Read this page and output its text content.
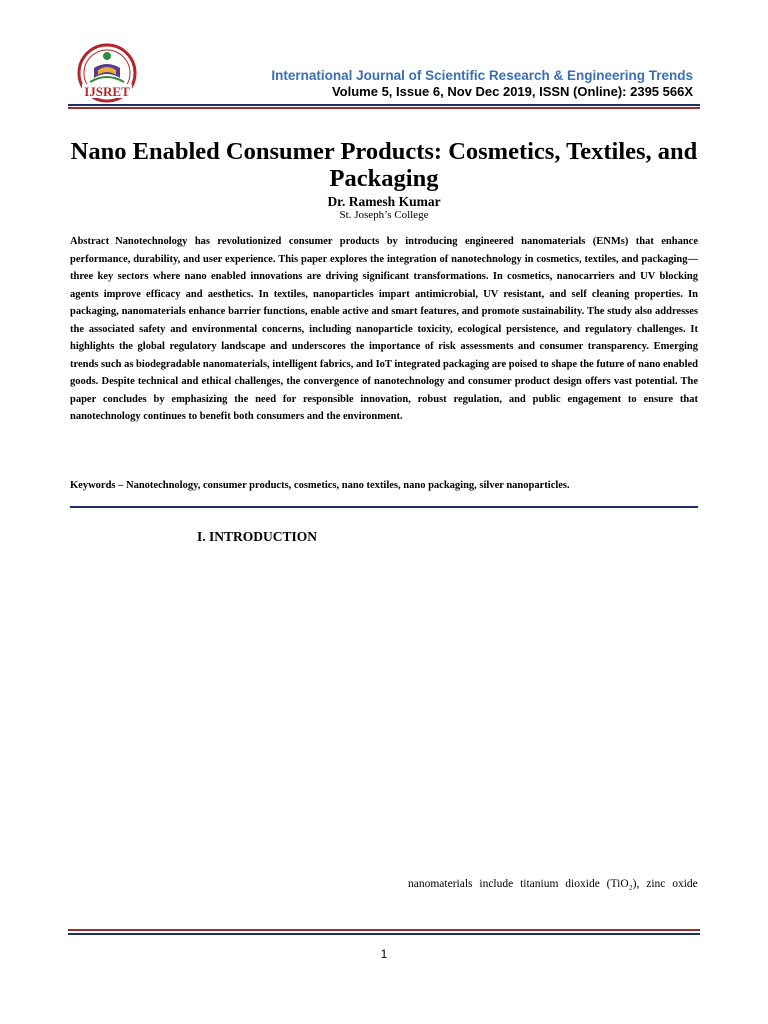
IJSRET
International Journal of Scientific Research & Engineering Trends
Volume 5, Issue 6, Nov Dec 2019, ISSN (Online): 2395 566X
Nano Enabled Consumer Products: Cosmetics, Textiles, and Packaging
Dr. Ramesh Kumar
St. Joseph’s College
Abstract Nanotechnology has revolutionized consumer products by introducing engineered nanomaterials (ENMs) that enhance performance, durability, and user experience. This paper explores the integration of nanotechnology in cosmetics, textiles, and packaging—three key sectors where nano enabled innovations are driving significant transformations. In cosmetics, nanocarriers and UV blocking agents improve efficacy and aesthetics. In textiles, nanoparticles impart antimicrobial, UV resistant, and self cleaning properties. In packaging, nanomaterials enhance barrier functions, enable active and smart features, and promote sustainability. The study also addresses the associated safety and environmental concerns, including nanoparticle toxicity, ecological persistence, and regulatory challenges. It highlights the global regulatory landscape and underscores the importance of risk assessments and consumer transparency. Emerging trends such as biodegradable nanomaterials, intelligent fabrics, and IoT integrated packaging are poised to shape the future of nano enabled goods. Despite technical and ethical challenges, the convergence of nanotechnology and consumer product design offers vast potential. The paper concludes by emphasizing the need for responsible innovation, robust regulation, and public engagement to ensure that nanotechnology continues to benefit both consumers and the environment.
Keywords – Nanotechnology, consumer products, cosmetics, nano textiles, nano packaging, silver nanoparticles.
I. INTRODUCTION
nanomaterials include titanium dioxide (TiO₂), zinc oxide
1
